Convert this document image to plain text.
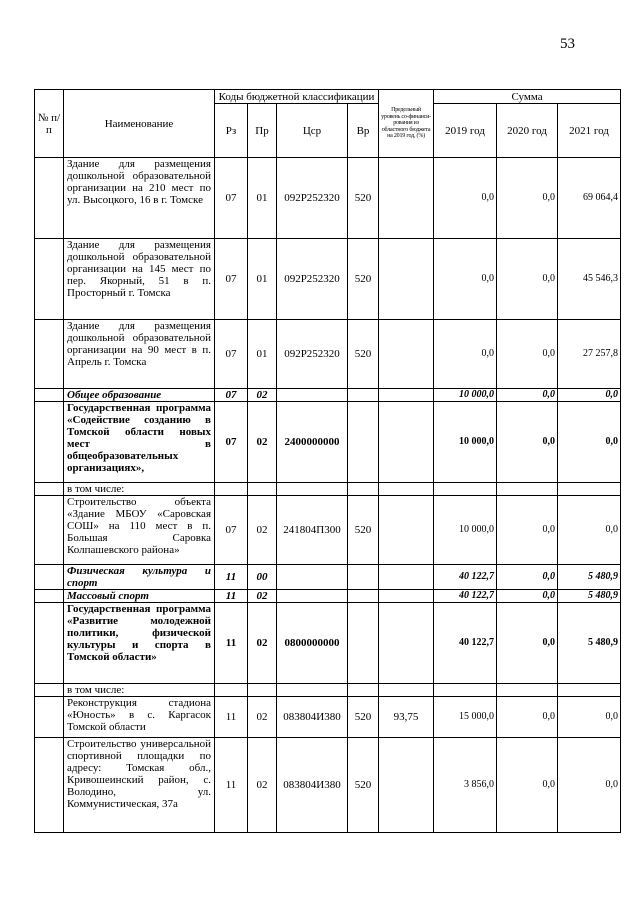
53
№ п/п	Наименование	Коды бюджетной классификации				Предельный уровень со-финанси-рования из областного бюджета на 2019 год, (%)	Сумма		
		Рз	Пр	Цср	Вр		2019 год	2020 год	2021 год
	Здание для размещения дошкольной образовательной организации на 210 мест по ул. Высоцкого, 16 в г. Томске	07	01	092P252320	520		0,0	0,0	69 064,4
	Здание для размещения дошкольной образовательной организации на 145 мест по пер. Якорный, 51 в п. Просторный г. Томска	07	01	092P252320	520		0,0	0,0	45 546,3
	Здание для размещения дошкольной образовательной организации на 90 мест в п. Апрель г. Томска	07	01	092P252320	520		0,0	0,0	27 257,8
	Общее образование	07	02				10 000,0	0,0	0,0
	Государственная программа «Содействие созданию в Томской области новых мест в общеобразовательных организациях»,	07	02	2400000000			10 000,0	0,0	0,0
	в том числе:								
	Строительство объекта «Здание МБОУ «Саровская СОШ» на 110 мест в п. Большая Саровка Колпашевского района»	07	02	241804П300	520		10 000,0	0,0	0,0
	Физическая культура и спорт	11	00				40 122,7	0,0	5 480,9
	Массовый спорт	11	02				40 122,7	0,0	5 480,9
	Государственная программа «Развитие молодежной политики, физической культуры и спорта в Томской области»	11	02	0800000000			40 122,7	0,0	5 480,9
	в том числе:								
	Реконструкция стадиона «Юность» в с. Каргасок Томской области	11	02	083804И380	520	93,75	15 000,0	0,0	0,0
	Строительство универсальной спортивной площадки по адресу: Томская обл., Кривошеинский район, с. Володино, ул. Коммунистическая, 37а	11	02	083804И380	520		3 856,0	0,0	0,0
